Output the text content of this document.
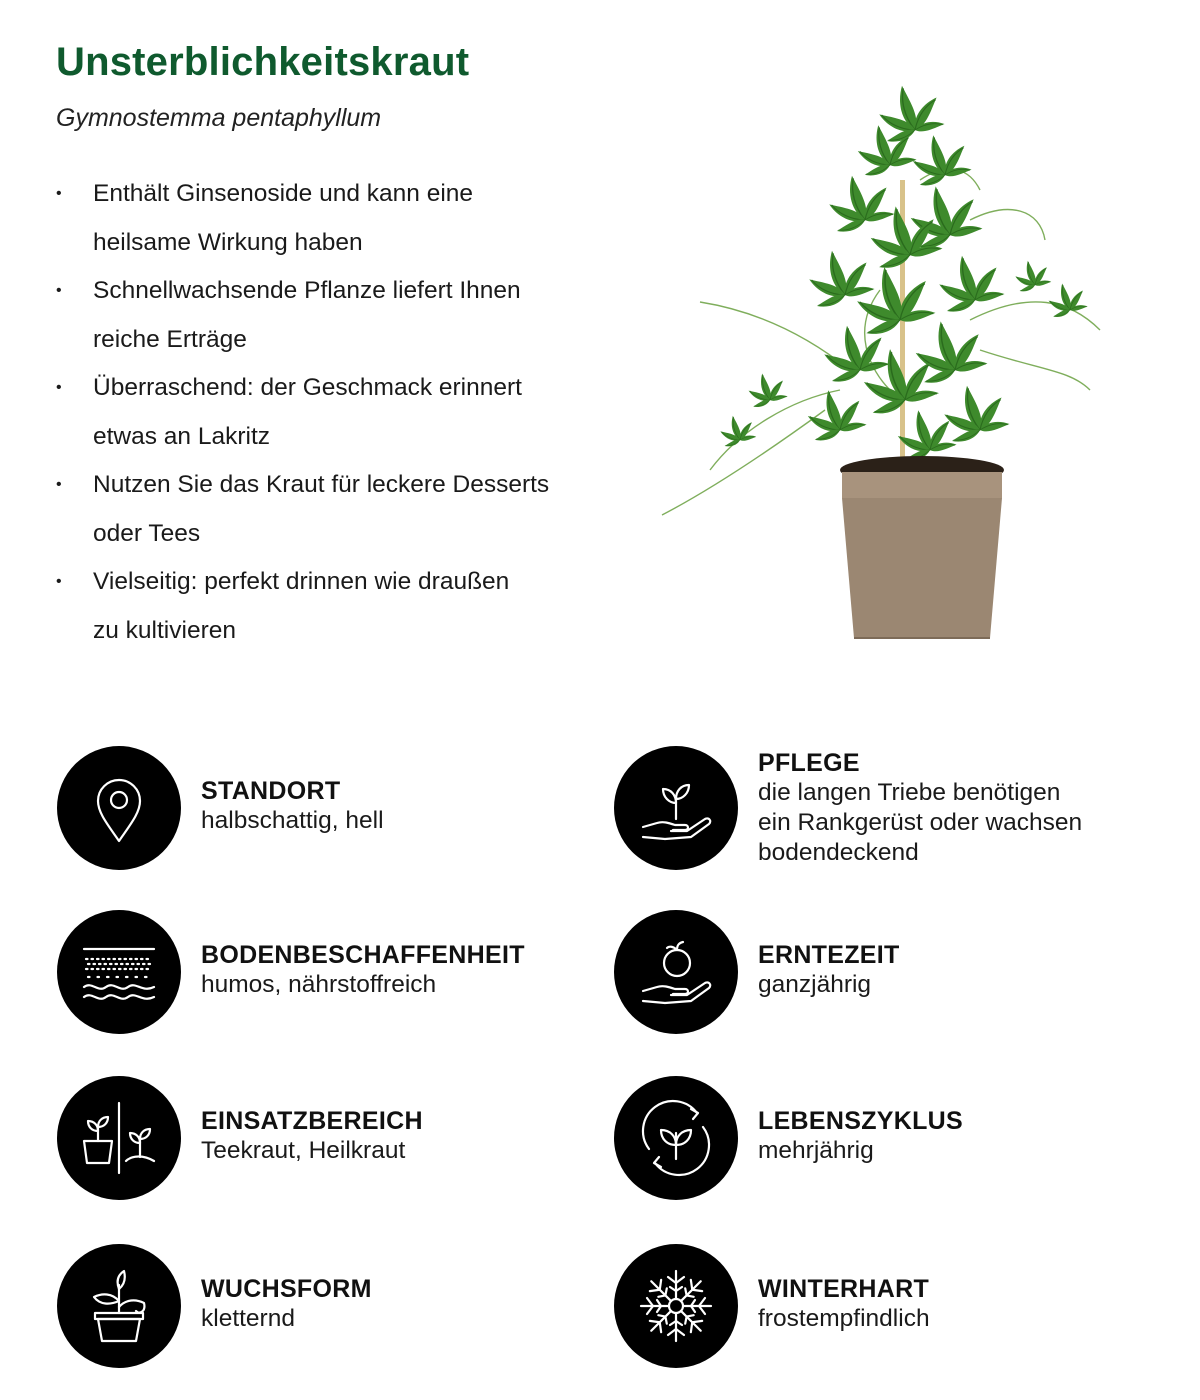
Unsterblichkeitskraut
Gymnostemma pentaphyllum
• Enthält Ginsenoside und kann eine
heilsame Wirkung haben
• Schnellwachsende Pflanze liefert Ihnen
reiche Erträge
• Überraschend: der Geschmack erinnert
etwas an Lakritz
• Nutzen Sie das Kraut für leckere Desserts
oder Tees
• Vielseitig: perfekt drinnen wie draußen
zu kultivieren
STANDORT
halbschattig, hell
PFLEGE
die langen Triebe benötigen
ein Rankgerüst oder wachsen
bodendeckend
BODENBESCHAFFENHEIT
humos, nährstoffreich
ERNTEZEIT
ganzjährig
EINSATZBEREICH
Teekraut, Heilkraut
LEBENSZYKLUS
mehrjährig
WUCHSFORM
kletternd
WINTERHART
frostempfindlich
